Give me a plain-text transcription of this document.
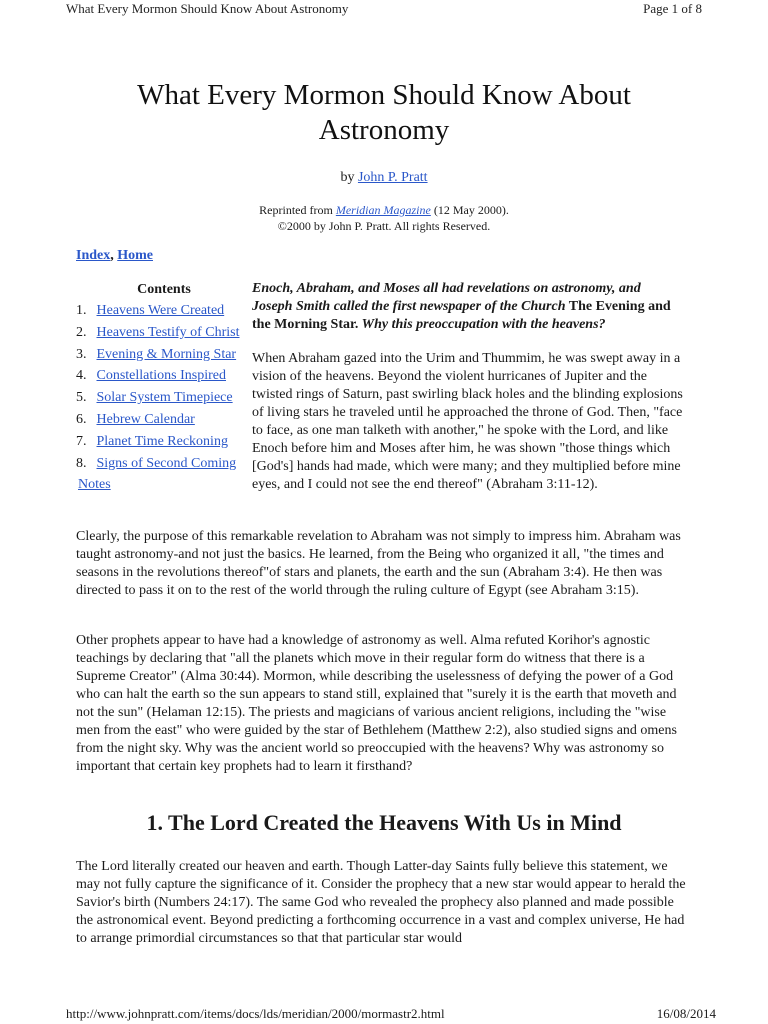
What Every Mormon Should Know About Astronomy	Page 1 of 8
What Every Mormon Should Know About Astronomy
by John P. Pratt
Reprinted from Meridian Magazine (12 May 2000).
©2000 by John P. Pratt. All rights Reserved.
Index, Home
Contents
1. Heavens Were Created
2. Heavens Testify of Christ
3. Evening & Morning Star
4. Constellations Inspired
5. Solar System Timepiece
6. Hebrew Calendar
7. Planet Time Reckoning
8. Signs of Second Coming
Notes
Enoch, Abraham, and Moses all had revelations on astronomy, and Joseph Smith called the first newspaper of the Church The Evening and the Morning Star. Why this preoccupation with the heavens?
When Abraham gazed into the Urim and Thummim, he was swept away in a vision of the heavens. Beyond the violent hurricanes of Jupiter and the twisted rings of Saturn, past swirling black holes and the blinding explosions of living stars he traveled until he approached the throne of God. Then, "face to face, as one man talketh with another," he spoke with the Lord, and like Enoch before him and Moses after him, he was shown "those things which [God's] hands had made, which were many; and they multiplied before mine eyes, and I could not see the end thereof" (Abraham 3:11-12).

Clearly, the purpose of this remarkable revelation to Abraham was not simply to impress him. Abraham was taught astronomy-and not just the basics. He learned, from the Being who organized it all, "the times and seasons in the revolutions thereof"of stars and planets, the earth and the sun (Abraham 3:4). He then was directed to pass it on to the rest of the world through the ruling culture of Egypt (see Abraham 3:15).

Other prophets appear to have had a knowledge of astronomy as well. Alma refuted Korihor's agnostic teachings by declaring that "all the planets which move in their regular form do witness that there is a Supreme Creator" (Alma 30:44). Mormon, while describing the uselessness of defying the power of a God who can halt the earth so the sun appears to stand still, explained that "surely it is the earth that moveth and not the sun" (Helaman 12:15). The priests and magicians of various ancient religions, including the "wise men from the east" who were guided by the star of Bethlehem (Matthew 2:2), also studied signs and omens from the night sky. Why was the ancient world so preoccupied with the heavens? Why was astronomy so important that certain key prophets had to learn it firsthand?

1. The Lord Created the Heavens With Us in Mind

The Lord literally created our heaven and earth. Though Latter-day Saints fully believe this statement, we may not fully capture the significance of it. Consider the prophecy that a new star would appear to herald the Savior's birth (Numbers 24:17). The same God who revealed the prophecy also planned and made possible the astronomical event. Beyond predicting a forthcoming occurrence in a vast and complex universe, He had to arrange primordial circumstances so that that particular star would

http://www.johnpratt.com/items/docs/lds/meridian/2000/mormastr2.html	16/08/2014
